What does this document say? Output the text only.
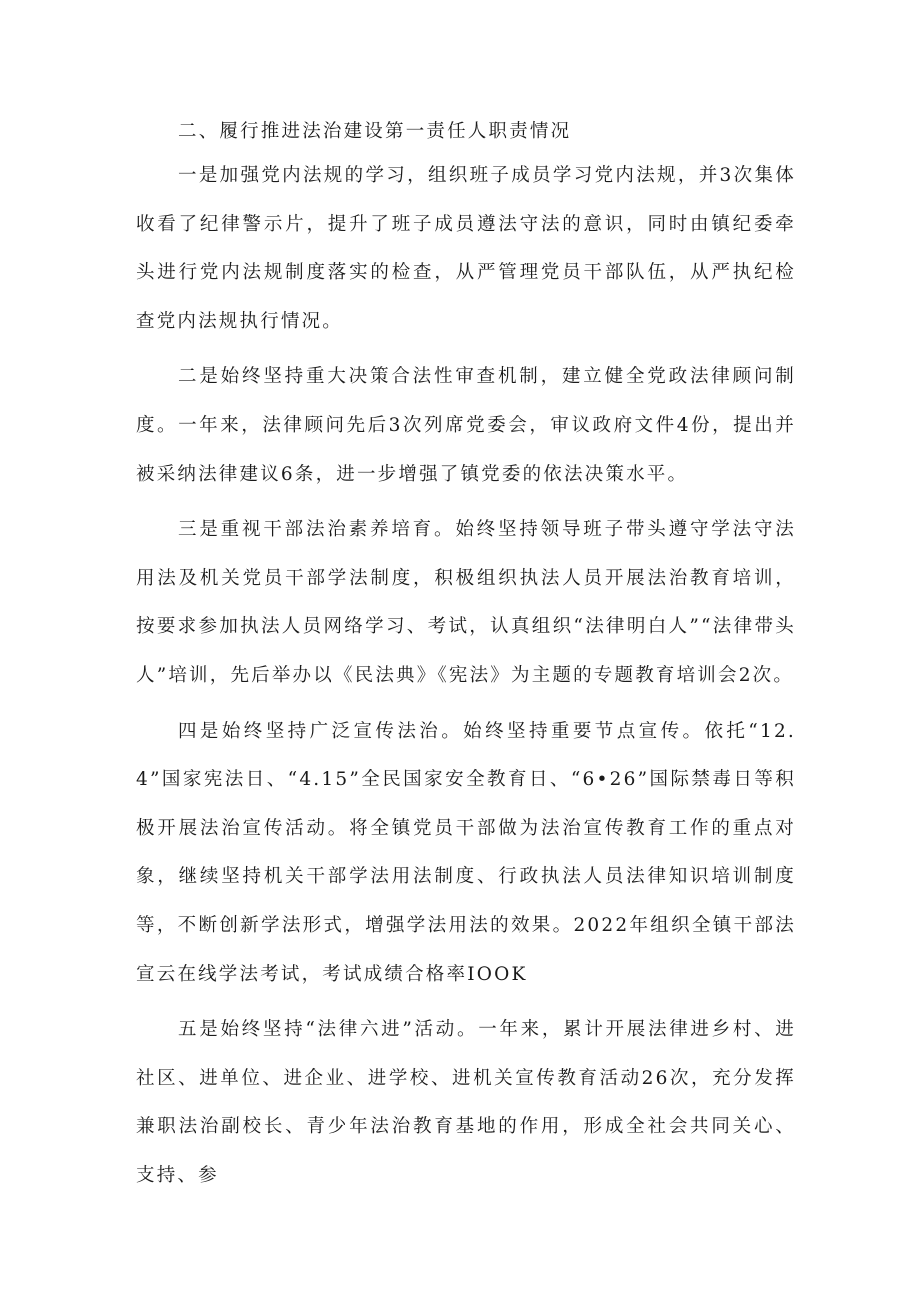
二、履行推进法治建设第一责任人职责情况

一是加强党内法规的学习，组织班子成员学习党内法规，并3次集体收看了纪律警示片，提升了班子成员遵法守法的意识，同时由镇纪委牵头进行党内法规制度落实的检查，从严管理党员干部队伍，从严执纪检查党内法规执行情况。

二是始终坚持重大决策合法性审查机制，建立健全党政法律顾问制度。一年来，法律顾问先后3次列席党委会，审议政府文件4份，提出并被采纳法律建议6条，进一步增强了镇党委的依法决策水平。

三是重视干部法治素养培育。始终坚持领导班子带头遵守学法守法用法及机关党员干部学法制度，积极组织执法人员开展法治教育培训，按要求参加执法人员网络学习、考试，认真组织“法律明白人”“法律带头人”培训，先后举办以《民法典》《宪法》为主题的专题教育培训会2次。

四是始终坚持广泛宣传法治。始终坚持重要节点宣传。依托“12.4”国家宪法日、“4.15”全民国家安全教育日、“6•26”国际禁毒日等积极开展法治宣传活动。将全镇党员干部做为法治宣传教育工作的重点对象，继续坚持机关干部学法用法制度、行政执法人员法律知识培训制度等，不断创新学法形式，增强学法用法的效果。2022年组织全镇干部法宣云在线学法考试，考试成绩合格率IOOK

五是始终坚持“法律六进”活动。一年来，累计开展法律进乡村、进社区、进单位、进企业、进学校、进机关宣传教育活动26次，充分发挥兼职法治副校长、青少年法治教育基地的作用，形成全社会共同关心、支持、参
